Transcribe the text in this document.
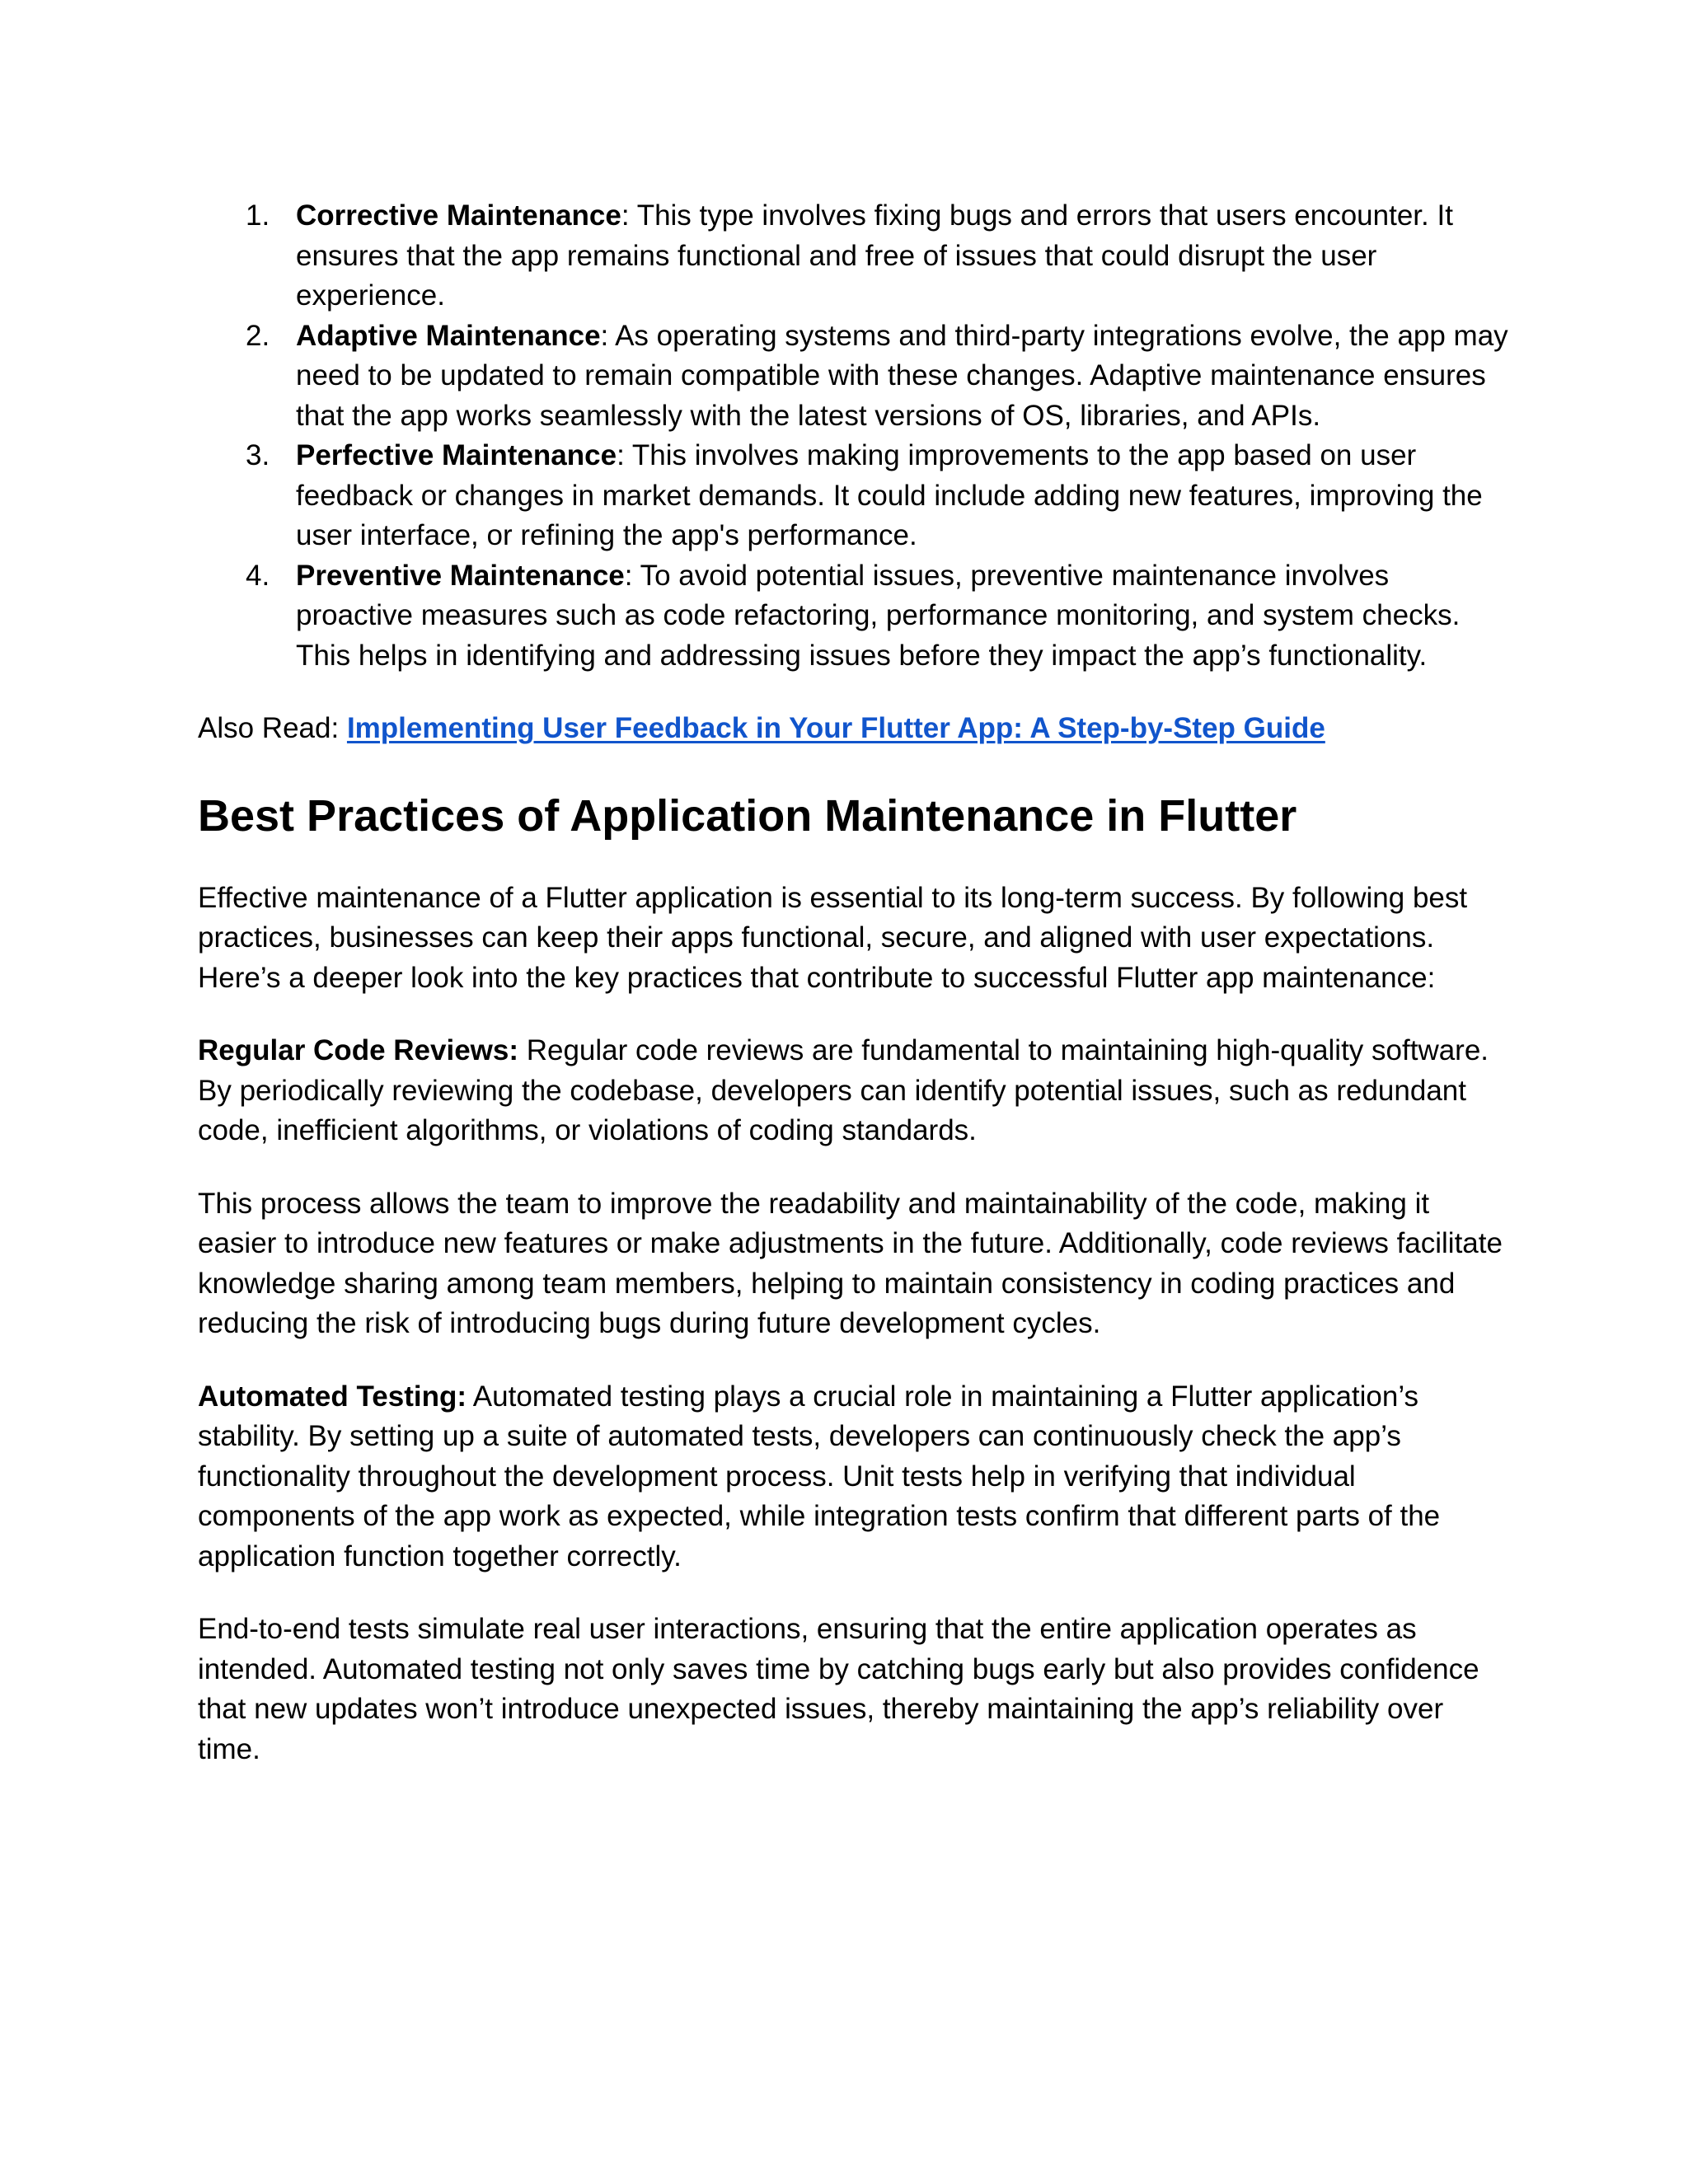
1. Corrective Maintenance: This type involves fixing bugs and errors that users encounter. It ensures that the app remains functional and free of issues that could disrupt the user experience.
2. Adaptive Maintenance: As operating systems and third-party integrations evolve, the app may need to be updated to remain compatible with these changes. Adaptive maintenance ensures that the app works seamlessly with the latest versions of OS, libraries, and APIs.
3. Perfective Maintenance: This involves making improvements to the app based on user feedback or changes in market demands. It could include adding new features, improving the user interface, or refining the app's performance.
4. Preventive Maintenance: To avoid potential issues, preventive maintenance involves proactive measures such as code refactoring, performance monitoring, and system checks. This helps in identifying and addressing issues before they impact the app’s functionality.

Also Read: Implementing User Feedback in Your Flutter App: A Step-by-Step Guide

Best Practices of Application Maintenance in Flutter

Effective maintenance of a Flutter application is essential to its long-term success. By following best practices, businesses can keep their apps functional, secure, and aligned with user expectations. Here’s a deeper look into the key practices that contribute to successful Flutter app maintenance:

Regular Code Reviews: Regular code reviews are fundamental to maintaining high-quality software. By periodically reviewing the codebase, developers can identify potential issues, such as redundant code, inefficient algorithms, or violations of coding standards.

This process allows the team to improve the readability and maintainability of the code, making it easier to introduce new features or make adjustments in the future. Additionally, code reviews facilitate knowledge sharing among team members, helping to maintain consistency in coding practices and reducing the risk of introducing bugs during future development cycles.

Automated Testing: Automated testing plays a crucial role in maintaining a Flutter application’s stability. By setting up a suite of automated tests, developers can continuously check the app’s functionality throughout the development process. Unit tests help in verifying that individual components of the app work as expected, while integration tests confirm that different parts of the application function together correctly.

End-to-end tests simulate real user interactions, ensuring that the entire application operates as intended. Automated testing not only saves time by catching bugs early but also provides confidence that new updates won’t introduce unexpected issues, thereby maintaining the app’s reliability over time.
